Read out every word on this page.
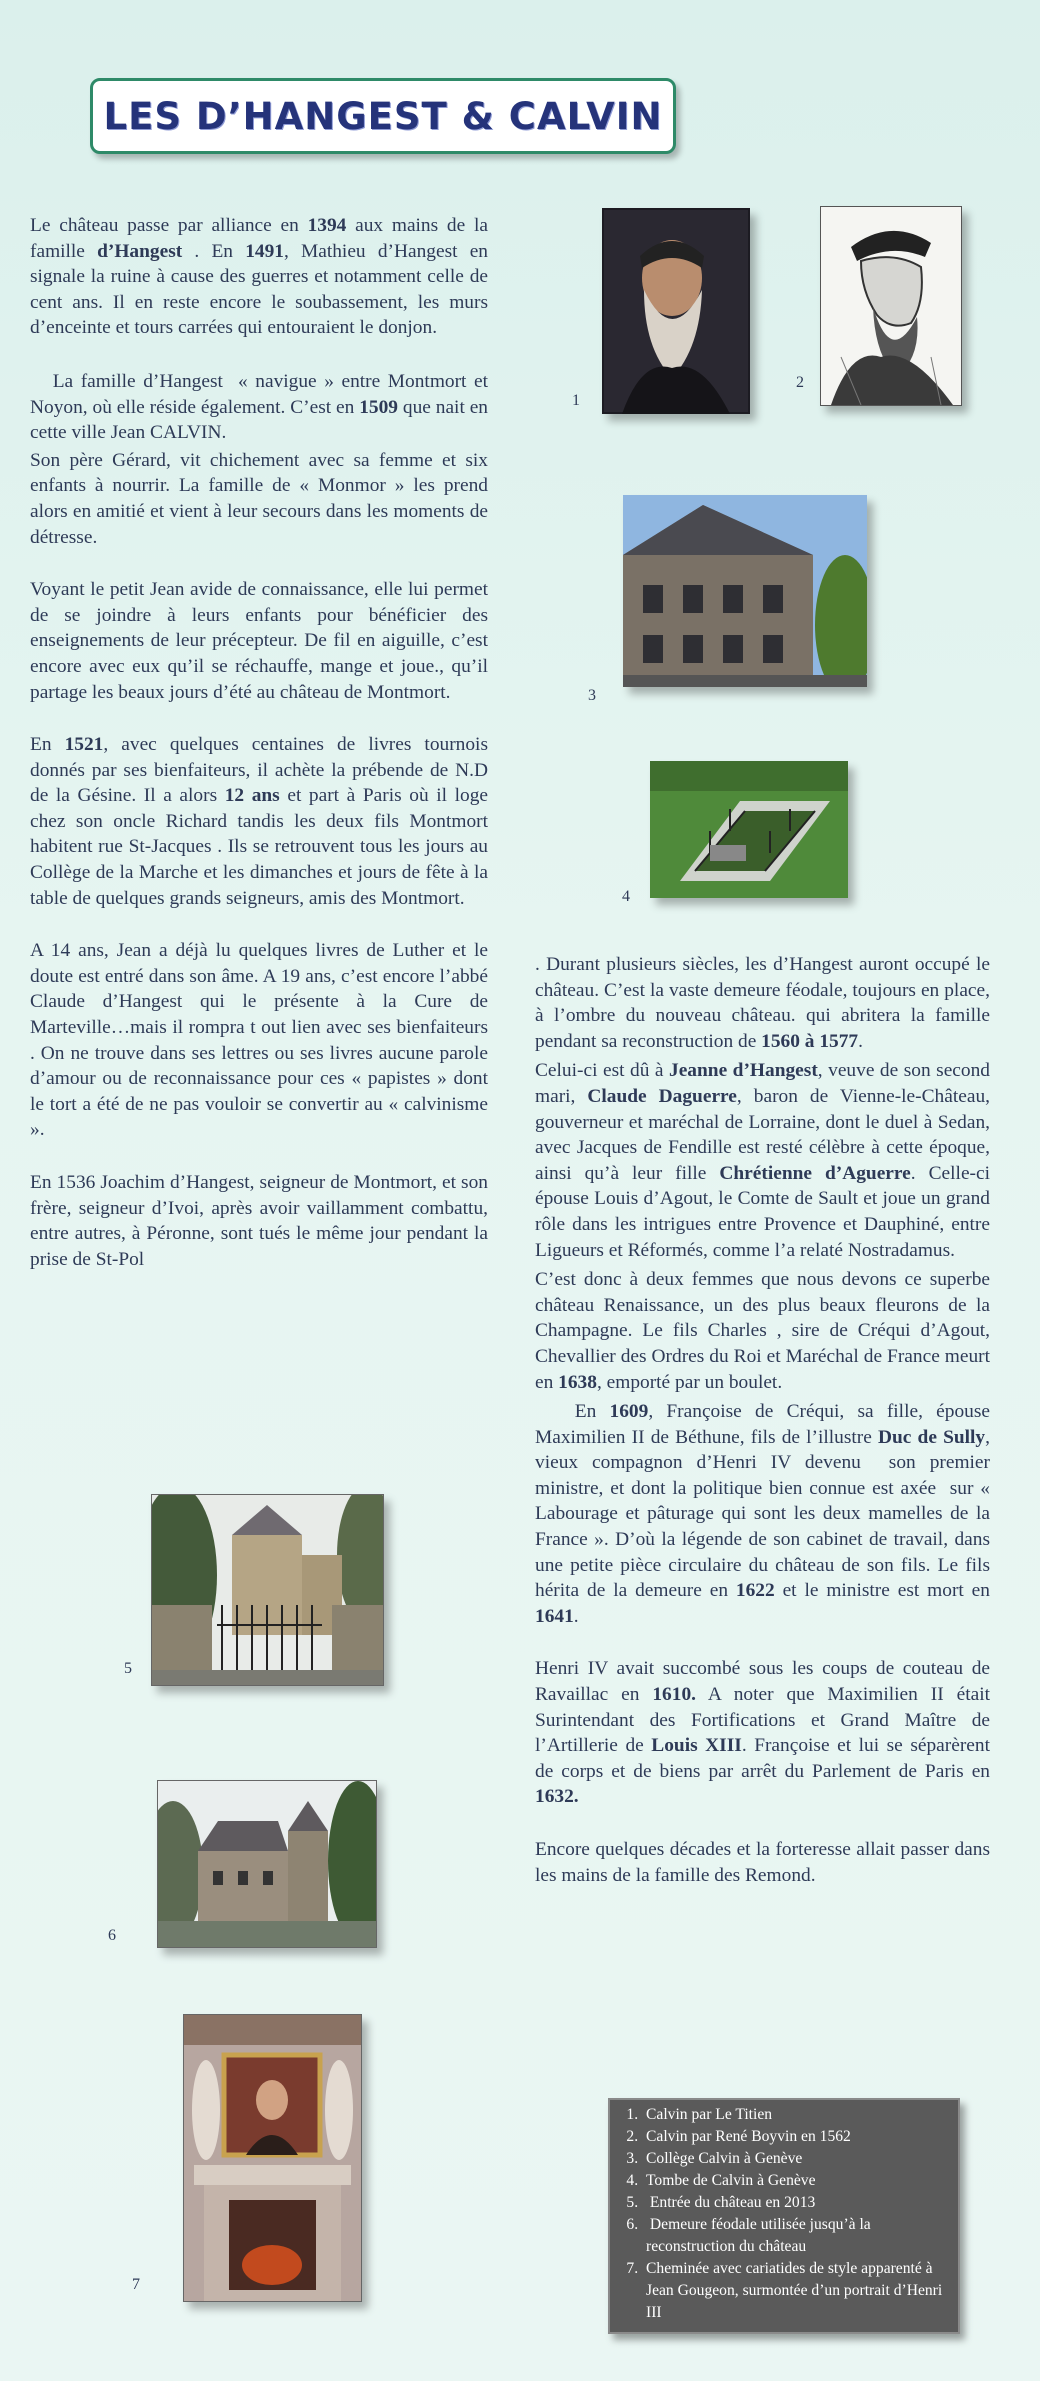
LES D’HANGEST & CALVIN

Le château passe par alliance en 1394 aux mains de la famille d’Hangest . En 1491, Mathieu d’Hangest en signale la ruine à cause des guerres et notamment celle de cent ans. Il en reste encore le soubassement, les murs d’enceinte et tours carrées qui entouraient le donjon.

La famille d’Hangest  « navigue » entre Montmort et Noyon, où elle réside également. C’est en 1509 que nait en cette ville Jean CALVIN.

Son père Gérard, vit chichement avec sa femme et six enfants à nourrir. La famille de « Monmor » les prend alors en amitié et vient à leur secours dans les moments de détresse.

Voyant le petit Jean avide de connaissance, elle lui permet de se joindre à leurs enfants pour bénéficier des enseignements de leur précepteur. De fil en aiguille, c’est encore avec eux qu’il se réchauffe, mange et joue., qu’il partage les beaux jours d’été au château de Montmort.

En 1521, avec quelques centaines de livres tournois donnés par ses bienfaiteurs, il achète la prébende de N.D de la Gésine. Il a alors 12 ans et part à Paris où il loge chez son oncle Richard tandis les deux fils Montmort habitent rue St-Jacques . Ils se retrouvent tous les jours au Collège de la Marche et les dimanches et jours de fête à la table de quelques grands seigneurs, amis des Montmort.

A 14 ans, Jean a déjà lu quelques livres de Luther et le doute est entré dans son âme. A 19 ans, c’est encore l’abbé Claude d’Hangest qui le présente à la Cure de Marteville…mais il rompra t out lien avec ses bienfaiteurs . On ne trouve dans ses lettres ou ses livres aucune parole d’amour ou de reconnaissance pour ces « papistes » dont le tort a été de ne pas vouloir se convertir au « calvinisme ».

En 1536 Joachim d’Hangest, seigneur de Montmort, et son frère, seigneur d’Ivoi, après avoir vaillamment combattu, entre autres, à Péronne, sont tués le même jour pendant la prise de St-Pol

. Durant plusieurs siècles, les d’Hangest auront occupé le château. C’est la vaste demeure féodale, toujours en place, à l’ombre du nouveau château. qui abritera la famille pendant sa reconstruction de 1560 à 1577.

Celui-ci est dû à Jeanne d’Hangest, veuve de son second mari, Claude Daguerre, baron de Vienne-le-Château, gouverneur et maréchal de Lorraine, dont le duel à Sedan, avec Jacques de Fendille est resté célèbre à cette époque, ainsi qu’à leur fille Chrétienne d’Aguerre. Celle-ci épouse Louis d’Agout, le Comte de Sault et joue un grand rôle dans les intrigues entre Provence et Dauphiné, entre Ligueurs et Réformés, comme l’a relaté Nostradamus.

C’est donc à deux femmes que nous devons ce superbe château Renaissance, un des plus beaux fleurons de la Champagne. Le fils Charles , sire de Créqui d’Agout, Chevallier des Ordres du Roi et Maréchal de France meurt en 1638, emporté par un boulet.

En 1609, Françoise de Créqui, sa fille, épouse Maximilien II de Béthune, fils de l’illustre Duc de Sully, vieux compagnon d’Henri IV devenu  son premier ministre, et dont la politique bien connue est axée  sur « Labourage et pâturage qui sont les deux mamelles de la France ». D’où la légende de son cabinet de travail, dans une petite pièce circulaire du château de son fils. Le fils hérita de la demeure en 1622 et le ministre est mort en 1641.

Henri IV avait succombé sous les coups de couteau de Ravaillac en 1610. A noter que Maximilien II était Surintendant des Fortifications et Grand Maître de l’Artillerie de Louis XIII. Françoise et lui se séparèrent de corps et de biens par arrêt du Parlement de Paris en 1632.

Encore quelques décades et la forteresse allait passer dans les mains de la famille des Remond.

1
2
3
4
5
6
7
1. Calvin par Le Titien
2. Calvin par René Boyvin en 1562
3. Collège Calvin à Genève
4. Tombe de Calvin à Genève
5.  Entrée du château en 2013
6.  Demeure féodale utilisée jusqu’à la reconstruction du château
7. Cheminée avec cariatides de style apparenté à Jean Gougeon, surmontée d’un portrait d’Henri III
